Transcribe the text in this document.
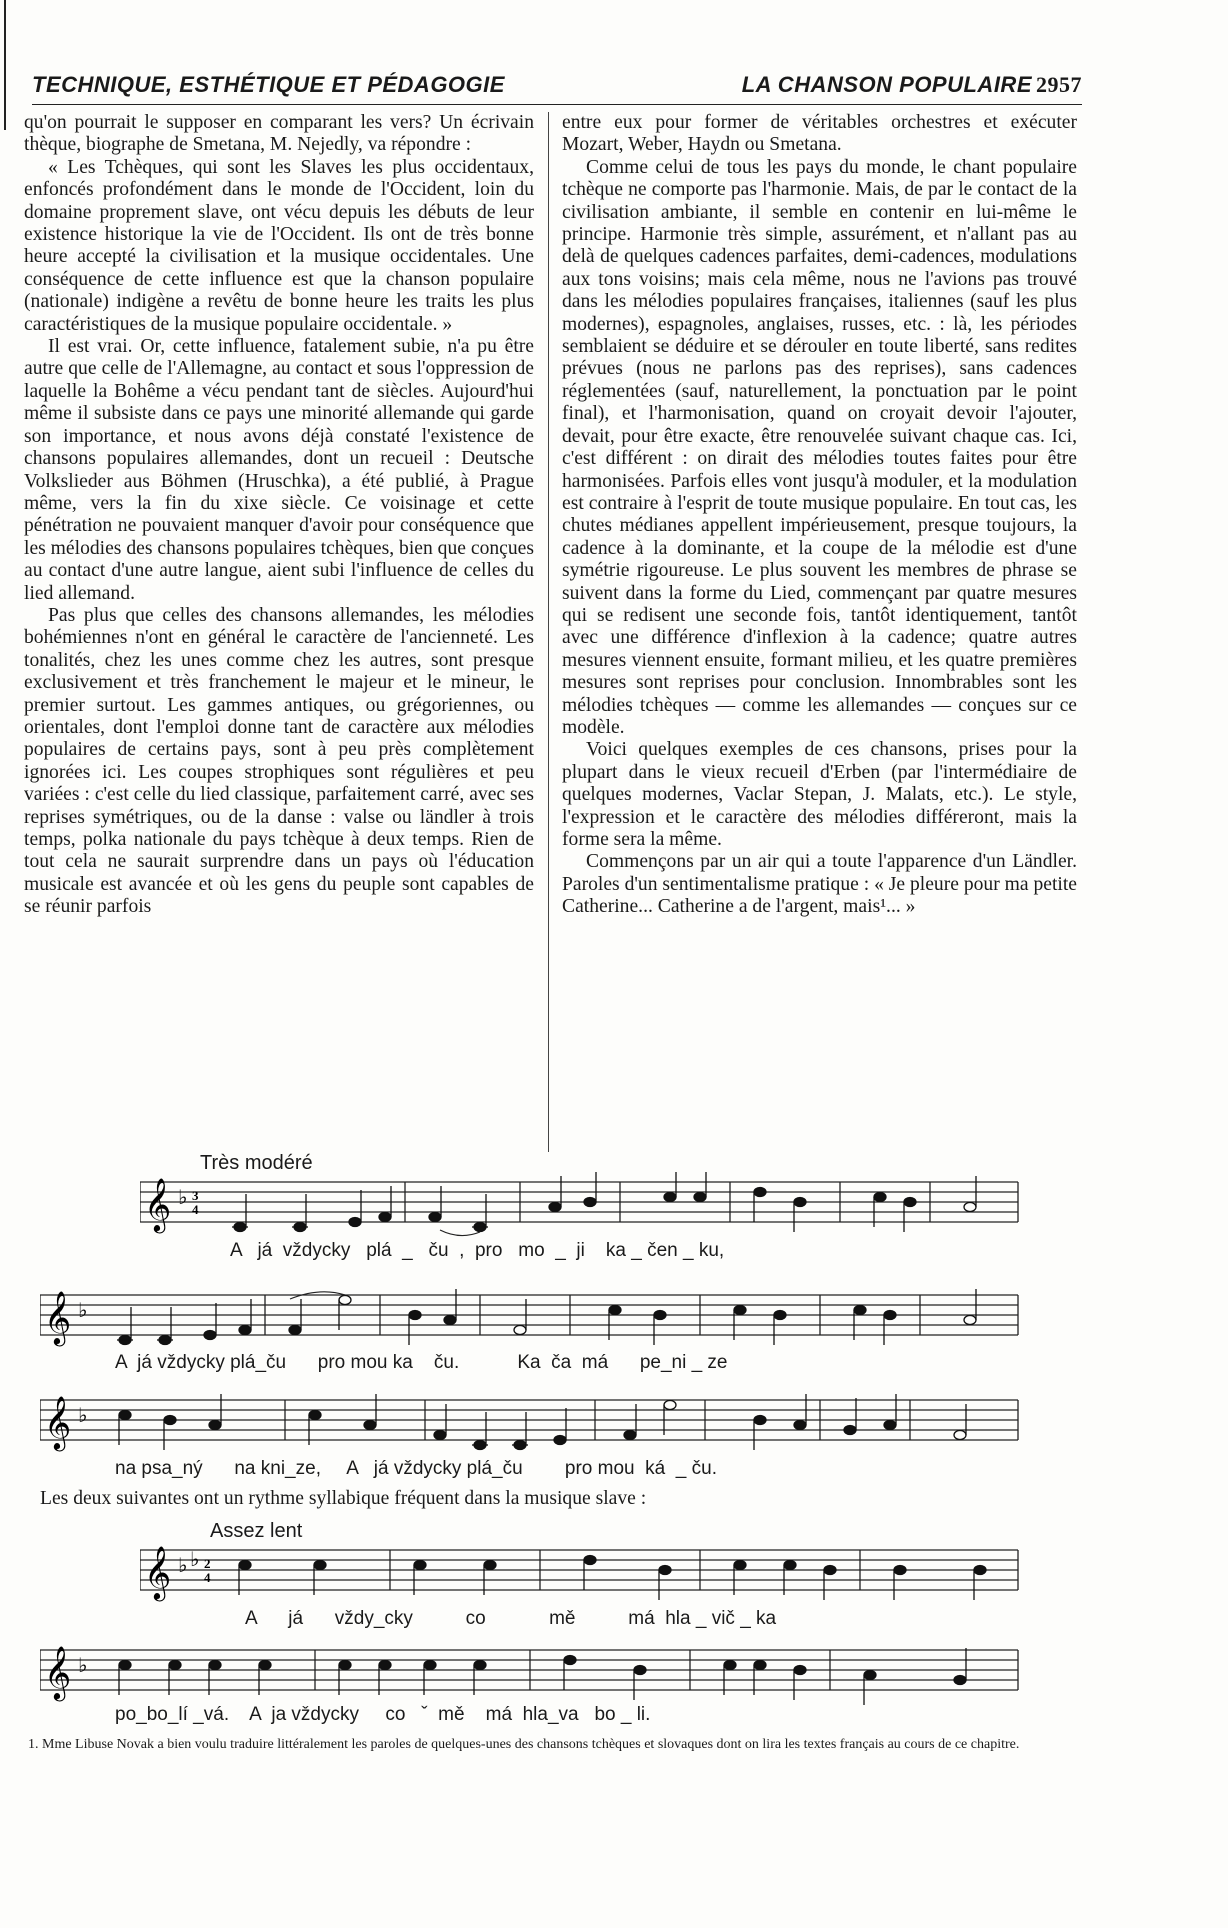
TECHNIQUE, ESTHÉTIQUE ET PÉDAGOGIE	LA CHANSON POPULAIRE 2957

qu'on pourrait le supposer en comparant les vers? Un écrivain thèque, biographe de Smetana, M. Nejedly, va répondre :

« Les Tchèques, qui sont les Slaves les plus occidentaux, enfoncés profondément dans le monde de l'Occident, loin du domaine proprement slave, ont vécu depuis les débuts de leur existence historique la vie de l'Occident. Ils ont de très bonne heure accepté la civilisation et la musique occidentales. Une conséquence de cette influence est que la chanson populaire (nationale) indigène a revêtu de bonne heure les traits les plus caractéristiques de la musique populaire occidentale. »

Il est vrai. Or, cette influence, fatalement subie, n'a pu être autre que celle de l'Allemagne, au contact et sous l'oppression de laquelle la Bohême a vécu pendant tant de siècles. Aujourd'hui même il subsiste dans ce pays une minorité allemande qui garde son importance, et nous avons déjà constaté l'existence de chansons populaires allemandes, dont un recueil : Deutsche Volkslieder aus Böhmen (Hruschka), a été publié, à Prague même, vers la fin du xixe siècle. Ce voisinage et cette pénétration ne pouvaient manquer d'avoir pour conséquence que les mélodies des chansons populaires tchèques, bien que conçues au contact d'une autre langue, aient subi l'influence de celles du lied allemand.

Pas plus que celles des chansons allemandes, les mélodies bohémiennes n'ont en général le caractère de l'ancienneté. Les tonalités, chez les unes comme chez les autres, sont presque exclusivement et très franchement le majeur et le mineur, le premier surtout. Les gammes antiques, ou grégoriennes, ou orientales, dont l'emploi donne tant de caractère aux mélodies populaires de certains pays, sont à peu près complètement ignorées ici. Les coupes strophiques sont régulières et peu variées : c'est celle du lied classique, parfaitement carré, avec ses reprises symétriques, ou de la danse : valse ou ländler à trois temps, polka nationale du pays tchèque à deux temps. Rien de tout cela ne saurait surprendre dans un pays où l'éducation musicale est avancée et où les gens du peuple sont capables de se réunir parfois

entre eux pour former de véritables orchestres et exécuter Mozart, Weber, Haydn ou Smetana.

Comme celui de tous les pays du monde, le chant populaire tchèque ne comporte pas l'harmonie. Mais, de par le contact de la civilisation ambiante, il semble en contenir en lui-même le principe. Harmonie très simple, assurément, et n'allant pas au delà de quelques cadences parfaites, demi-cadences, modulations aux tons voisins; mais cela même, nous ne l'avions pas trouvé dans les mélodies populaires françaises, italiennes (sauf les plus modernes), espagnoles, anglaises, russes, etc. : là, les périodes semblaient se déduire et se dérouler en toute liberté, sans redites prévues (nous ne parlons pas des reprises), sans cadences réglementées (sauf, naturellement, la ponctuation par le point final), et l'harmonisation, quand on croyait devoir l'ajouter, devait, pour être exacte, être renouvelée suivant chaque cas. Ici, c'est différent : on dirait des mélodies toutes faites pour être harmonisées. Parfois elles vont jusqu'à moduler, et la modulation est contraire à l'esprit de toute musique populaire. En tout cas, les chutes médianes appellent impérieusement, presque toujours, la cadence à la dominante, et la coupe de la mélodie est d'une symétrie rigoureuse. Le plus souvent les membres de phrase se suivent dans la forme du Lied, commençant par quatre mesures qui se redisent une seconde fois, tantôt identiquement, tantôt avec une différence d'inflexion à la cadence; quatre autres mesures viennent ensuite, formant milieu, et les quatre premières mesures sont reprises pour conclusion. Innombrables sont les mélodies tchèques — comme les allemandes — conçues sur ce modèle.

Voici quelques exemples de ces chansons, prises pour la plupart dans le vieux recueil d'Erben (par l'intermédiaire de quelques modernes, Vaclar Stepan, J. Malats, etc.). Le style, l'expression et le caractère des mélodies différeront, mais la forme sera la même.

Commençons par un air qui a toute l'apparence d'un Ländler. Paroles d'un sentimentalisme pratique : « Je pleure pour ma petite Catherine... Catherine a de l'argent, mais¹... »

Très modéré
𝄞 ♭ 3
4
A   já  vždycky   plá  _   ču  ,  pro   mo  _  ji    ka _ čen _ ku,
𝄞 ♭
A  já vždycky plá_ču      pro mou ka    ču.           Ka  ča  má      pe_ni _ ze
𝄞 ♭
na psa_ný      na kni_ze,     A   já vždycky plá_ču        pro mou  ká  _ ču.
Les deux suivantes ont un rythme syllabique fréquent dans la musique slave :
Assez lent
𝄞 ♭ ♭ 2
4
A      já      vždy_cky          co            mě          má  hla _ vič _ ka
𝄞 ♭
po_bo_lí _vá.    A  ja vždycky     co   ˇ  mě    má  hla_va   bo _ li.
1. Mme Libuse Novak a bien voulu traduire littéralement les paroles de quelques-unes des chansons tchèques et slovaques dont on lira les textes français au cours de ce chapitre.
